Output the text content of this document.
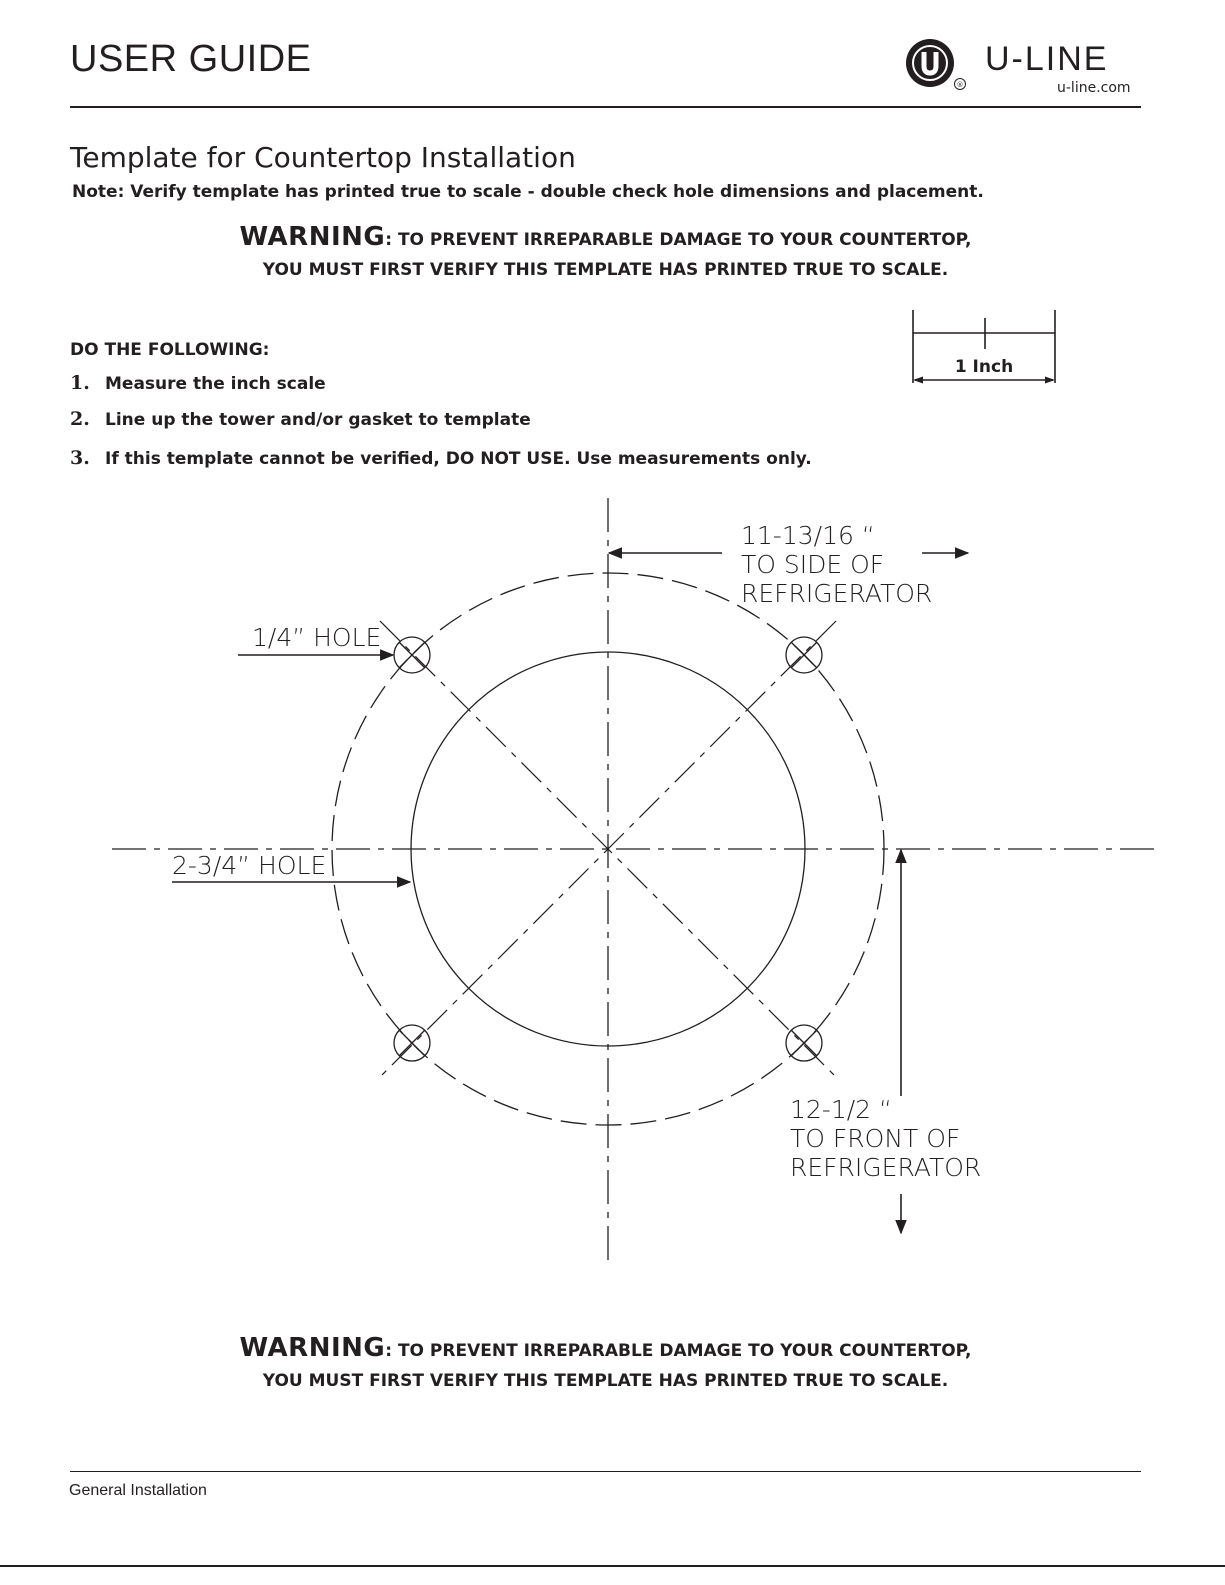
USER GUIDE
®
U-LINE
u-line.com
Template for Countertop Installation
Note: Verify template has printed true to scale - double check hole dimensions and placement.
WARNING: TO PREVENT IRREPARABLE DAMAGE TO YOUR COUNTERTOP,
YOU MUST FIRST VERIFY THIS TEMPLATE HAS PRINTED TRUE TO SCALE.
DO THE FOLLOWING:
1. Measure the inch scale
2. Line up the tower and/or gasket to template
3. If this template cannot be verified, DO NOT USE. Use measurements only.
1 Inch
1/4” HOLE
2-3/4” HOLE
11-13/16 “
TO SIDE OF
REFRIGERATOR
12-1/2 “
TO FRONT OF
REFRIGERATOR
WARNING: TO PREVENT IRREPARABLE DAMAGE TO YOUR COUNTERTOP,
YOU MUST FIRST VERIFY THIS TEMPLATE HAS PRINTED TRUE TO SCALE.
General Installation
